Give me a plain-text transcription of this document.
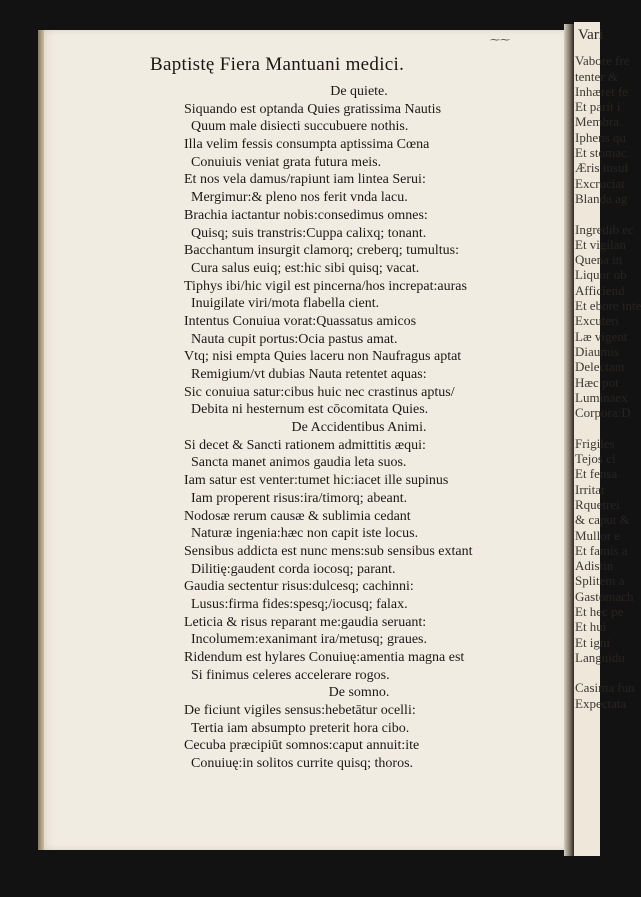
Vari
Vabore fre
tenter &
Inhæret fe
Et parit i
Membra
Iphens qu
Et stomac
Æris insul
Excruciat
Blanda ag

Ingredib ec
Et vigilan
Quena in
Liquor ob
Afficiend
Et ebore inte
Excuteri
Læ vigent
Diaumis
Delectant
Hæc pot
Luminaex
Corpora:D

Frigiles
Tejos cl
Et fensa
Irritat
Rquetrei
& caput &
Mullor e
Et famis a
Adistin
Splitem a
Gastomach
Et hec pe
Et hui
Et igni
Languidu

Casima fun
Expectata
⁓⁓
Baptistę Fiera Mantuani medici.
De quiete.
Siquando est optanda Quies gratissima Nautis
Quum male disiecti succubuere nothis.
Illa velim fessis consumpta aptissima Cœna
Conuiuis veniat grata futura meis.
Et nos vela damus/rapiunt iam lintea Serui:
Mergimur:& pleno nos ferit vnda lacu.
Brachia iactantur nobis:consedimus omnes:
Quisq; suis transtris:Cuppa calixq; tonant.
Bacchantum insurgit clamorq; creberq; tumultus:
Cura salus euiq; est:hic sibi quisq; vacat.
Tiphys ibi/hic vigil est pincerna/hos increpat:auras
Inuigilate viri/mota flabella cient.
Intentus Conuiua vorat:Quassatus amicos
Nauta cupit portus:Ocia pastus amat.
Vtq; nisi empta Quies laceru non Naufragus aptat
Remigium/vt dubias Nauta retentet aquas:
Sic conuiua satur:cibus huic nec crastinus aptus/
Debita ni hesternum est cōcomitata Quies.
De Accidentibus Animi.
Si decet & Sancti rationem admittitis æqui:
Sancta manet animos gaudia leta suos.
Iam satur est venter:tumet hic:iacet ille supinus
Iam properent risus:ira/timorq; abeant.
Nodosæ rerum causæ & sublimia cedant
Naturæ ingenia:hæc non capit iste locus.
Sensibus addicta est nunc mens:sub sensibus extant
Dilitię:gaudent corda iocosq; parant.
Gaudia sectentur risus:dulcesq; cachinni:
Lusus:firma fides:spesq;/iocusq; falax.
Leticia & risus reparant me:gaudia seruant:
Incolumem:exanimant ira/metusq; graues.
Ridendum est hylares Conuiuę:amentia magna est
Si finimus celeres accelerare rogos.
De somno.
De ficiunt vigiles sensus:hebetātur ocelli:
Tertia iam absumpto preterit hora cibo.
Cecuba præcipiūt somnos:caput annuit:ite
Conuiuę:in solitos currite quisq; thoros.
